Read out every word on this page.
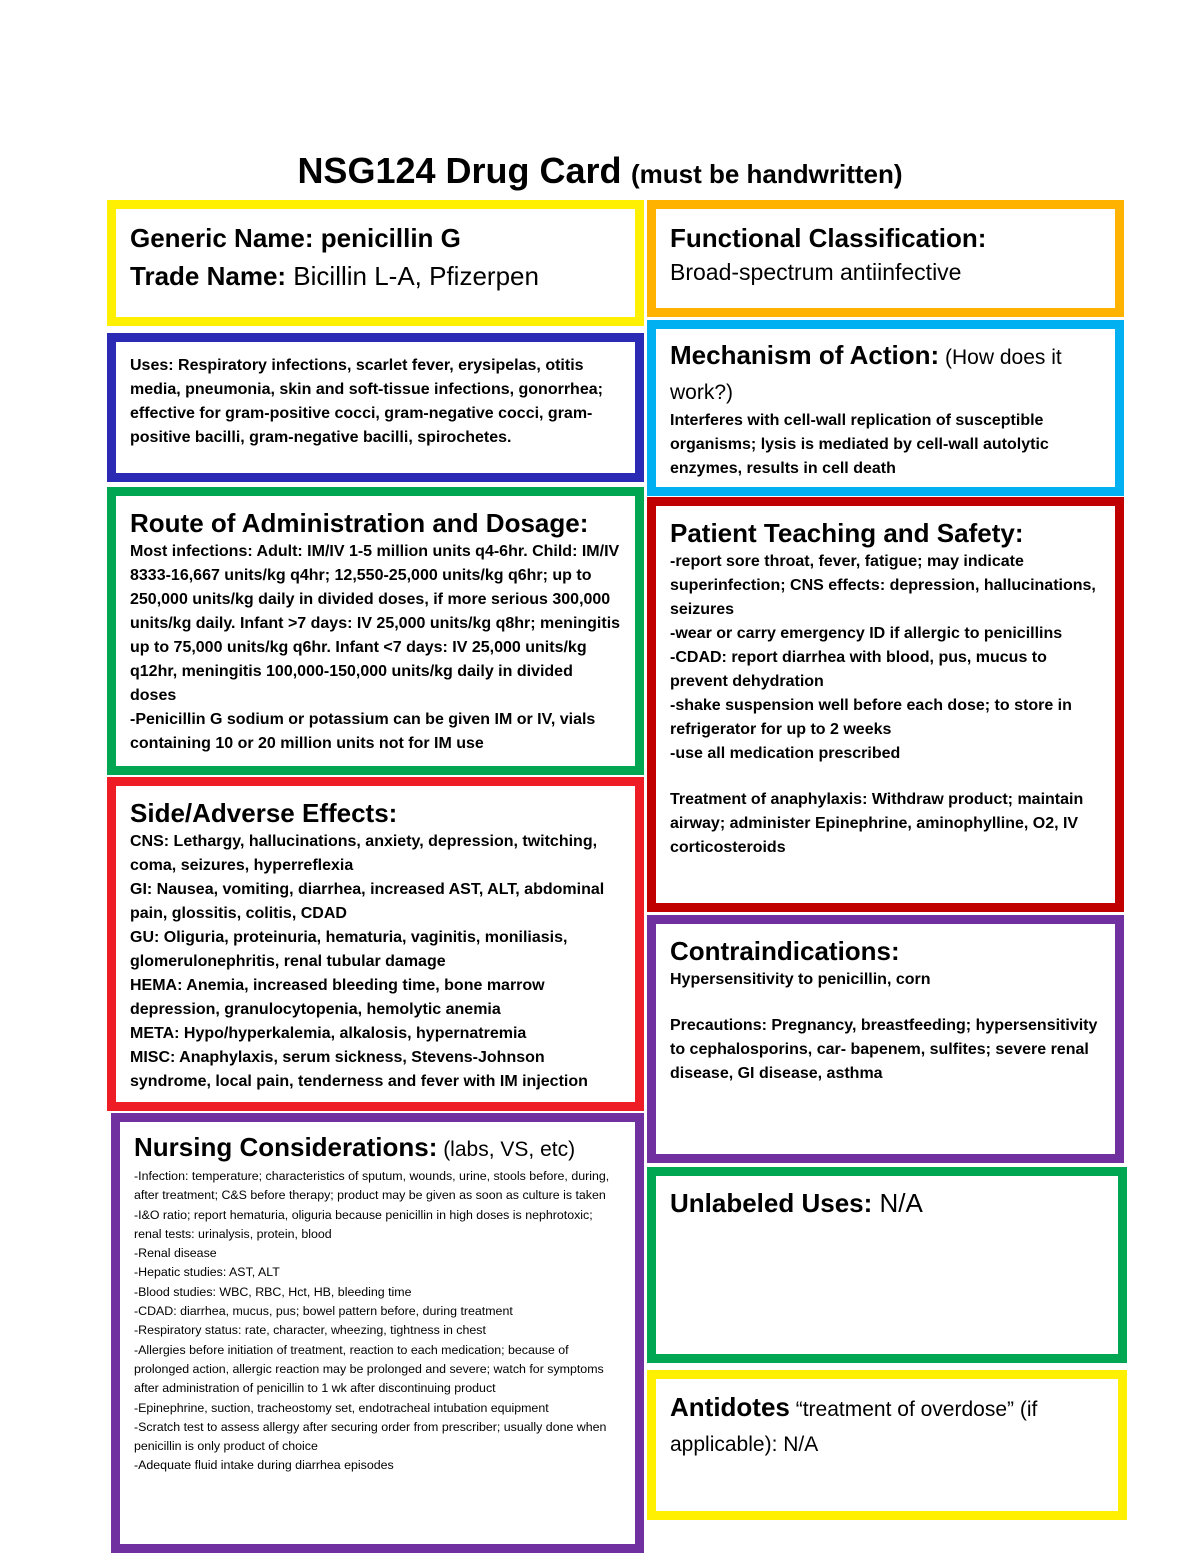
NSG124 Drug Card (must be handwritten)
Generic Name: penicillin G
Trade Name: Bicillin L-A, Pfizerpen
Functional Classification:
Broad-spectrum antiinfective

Uses: Respiratory infections, scarlet fever, erysipelas, otitis media, pneumonia, skin and soft-tissue infections, gonorrhea; effective for gram-positive cocci, gram-negative cocci, gram-positive bacilli, gram-negative bacilli, spirochetes.

Mechanism of Action: (How does it work?)

Interferes with cell-wall replication of susceptible organisms; lysis is mediated by cell-wall autolytic enzymes, results in cell death

Route of Administration and Dosage:

Most infections: Adult: IM/IV 1-5 million units q4-6hr. Child: IM/IV 8333-16,667 units/kg q4hr; 12,550-25,000 units/kg q6hr; up to 250,000 units/kg daily in divided doses, if more serious 300,000 units/kg daily. Infant >7 days: IV 25,000 units/kg q8hr; meningitis up to 75,000 units/kg q6hr. Infant <7 days: IV 25,000 units/kg q12hr, meningitis 100,000-150,000 units/kg daily in divided doses

-Penicillin G sodium or potassium can be given IM or IV, vials containing 10 or 20 million units not for IM use

Patient Teaching and Safety:

-report sore throat, fever, fatigue; may indicate superinfection; CNS effects: depression, hallucinations, seizures

-wear or carry emergency ID if allergic to penicillins

-CDAD: report diarrhea with blood, pus, mucus to prevent dehydration

-shake suspension well before each dose; to store in refrigerator for up to 2 weeks

-use all medication prescribed

Treatment of anaphylaxis: Withdraw product; maintain airway; administer Epinephrine, aminophylline, O2, IV corticosteroids

Side/Adverse Effects:

CNS: Lethargy, hallucinations, anxiety, depression, twitching, coma, seizures, hyperreflexia

GI: Nausea, vomiting, diarrhea, increased AST, ALT, abdominal pain, glossitis, colitis, CDAD

GU: Oliguria, proteinuria, hematuria, vaginitis, moniliasis, glomerulonephritis, renal tubular damage

HEMA: Anemia, increased bleeding time, bone marrow depression, granulocytopenia, hemolytic anemia

META: Hypo/hyperkalemia, alkalosis, hypernatremia

MISC: Anaphylaxis, serum sickness, Stevens-Johnson syndrome, local pain, tenderness and fever with IM injection

Contraindications:

Hypersensitivity to penicillin, corn

Precautions: Pregnancy, breastfeeding; hypersensitivity to cephalosporins, car- bapenem, sulfites; severe renal disease, GI disease, asthma

Nursing Considerations: (labs, VS, etc)

-Infection: temperature; characteristics of sputum, wounds, urine, stools before, during, after treatment; C&S before therapy; product may be given as soon as culture is taken

-I&O ratio; report hematuria, oliguria because penicillin in high doses is nephrotoxic; renal tests: urinalysis, protein, blood

-Renal disease

-Hepatic studies: AST, ALT

-Blood studies: WBC, RBC, Hct, HB, bleeding time

-CDAD: diarrhea, mucus, pus; bowel pattern before, during treatment

-Respiratory status: rate, character, wheezing, tightness in chest

-Allergies before initiation of treatment, reaction to each medication; because of prolonged action, allergic reaction may be prolonged and severe; watch for symptoms after administration of penicillin to 1 wk after discontinuing product

-Epinephrine, suction, tracheostomy set, endotracheal intubation equipment

-Scratch test to assess allergy after securing order from prescriber; usually done when penicillin is only product of choice

-Adequate fluid intake during diarrhea episodes

Unlabeled Uses: N/A
Antidotes “treatment of overdose” (if applicable): N/A
